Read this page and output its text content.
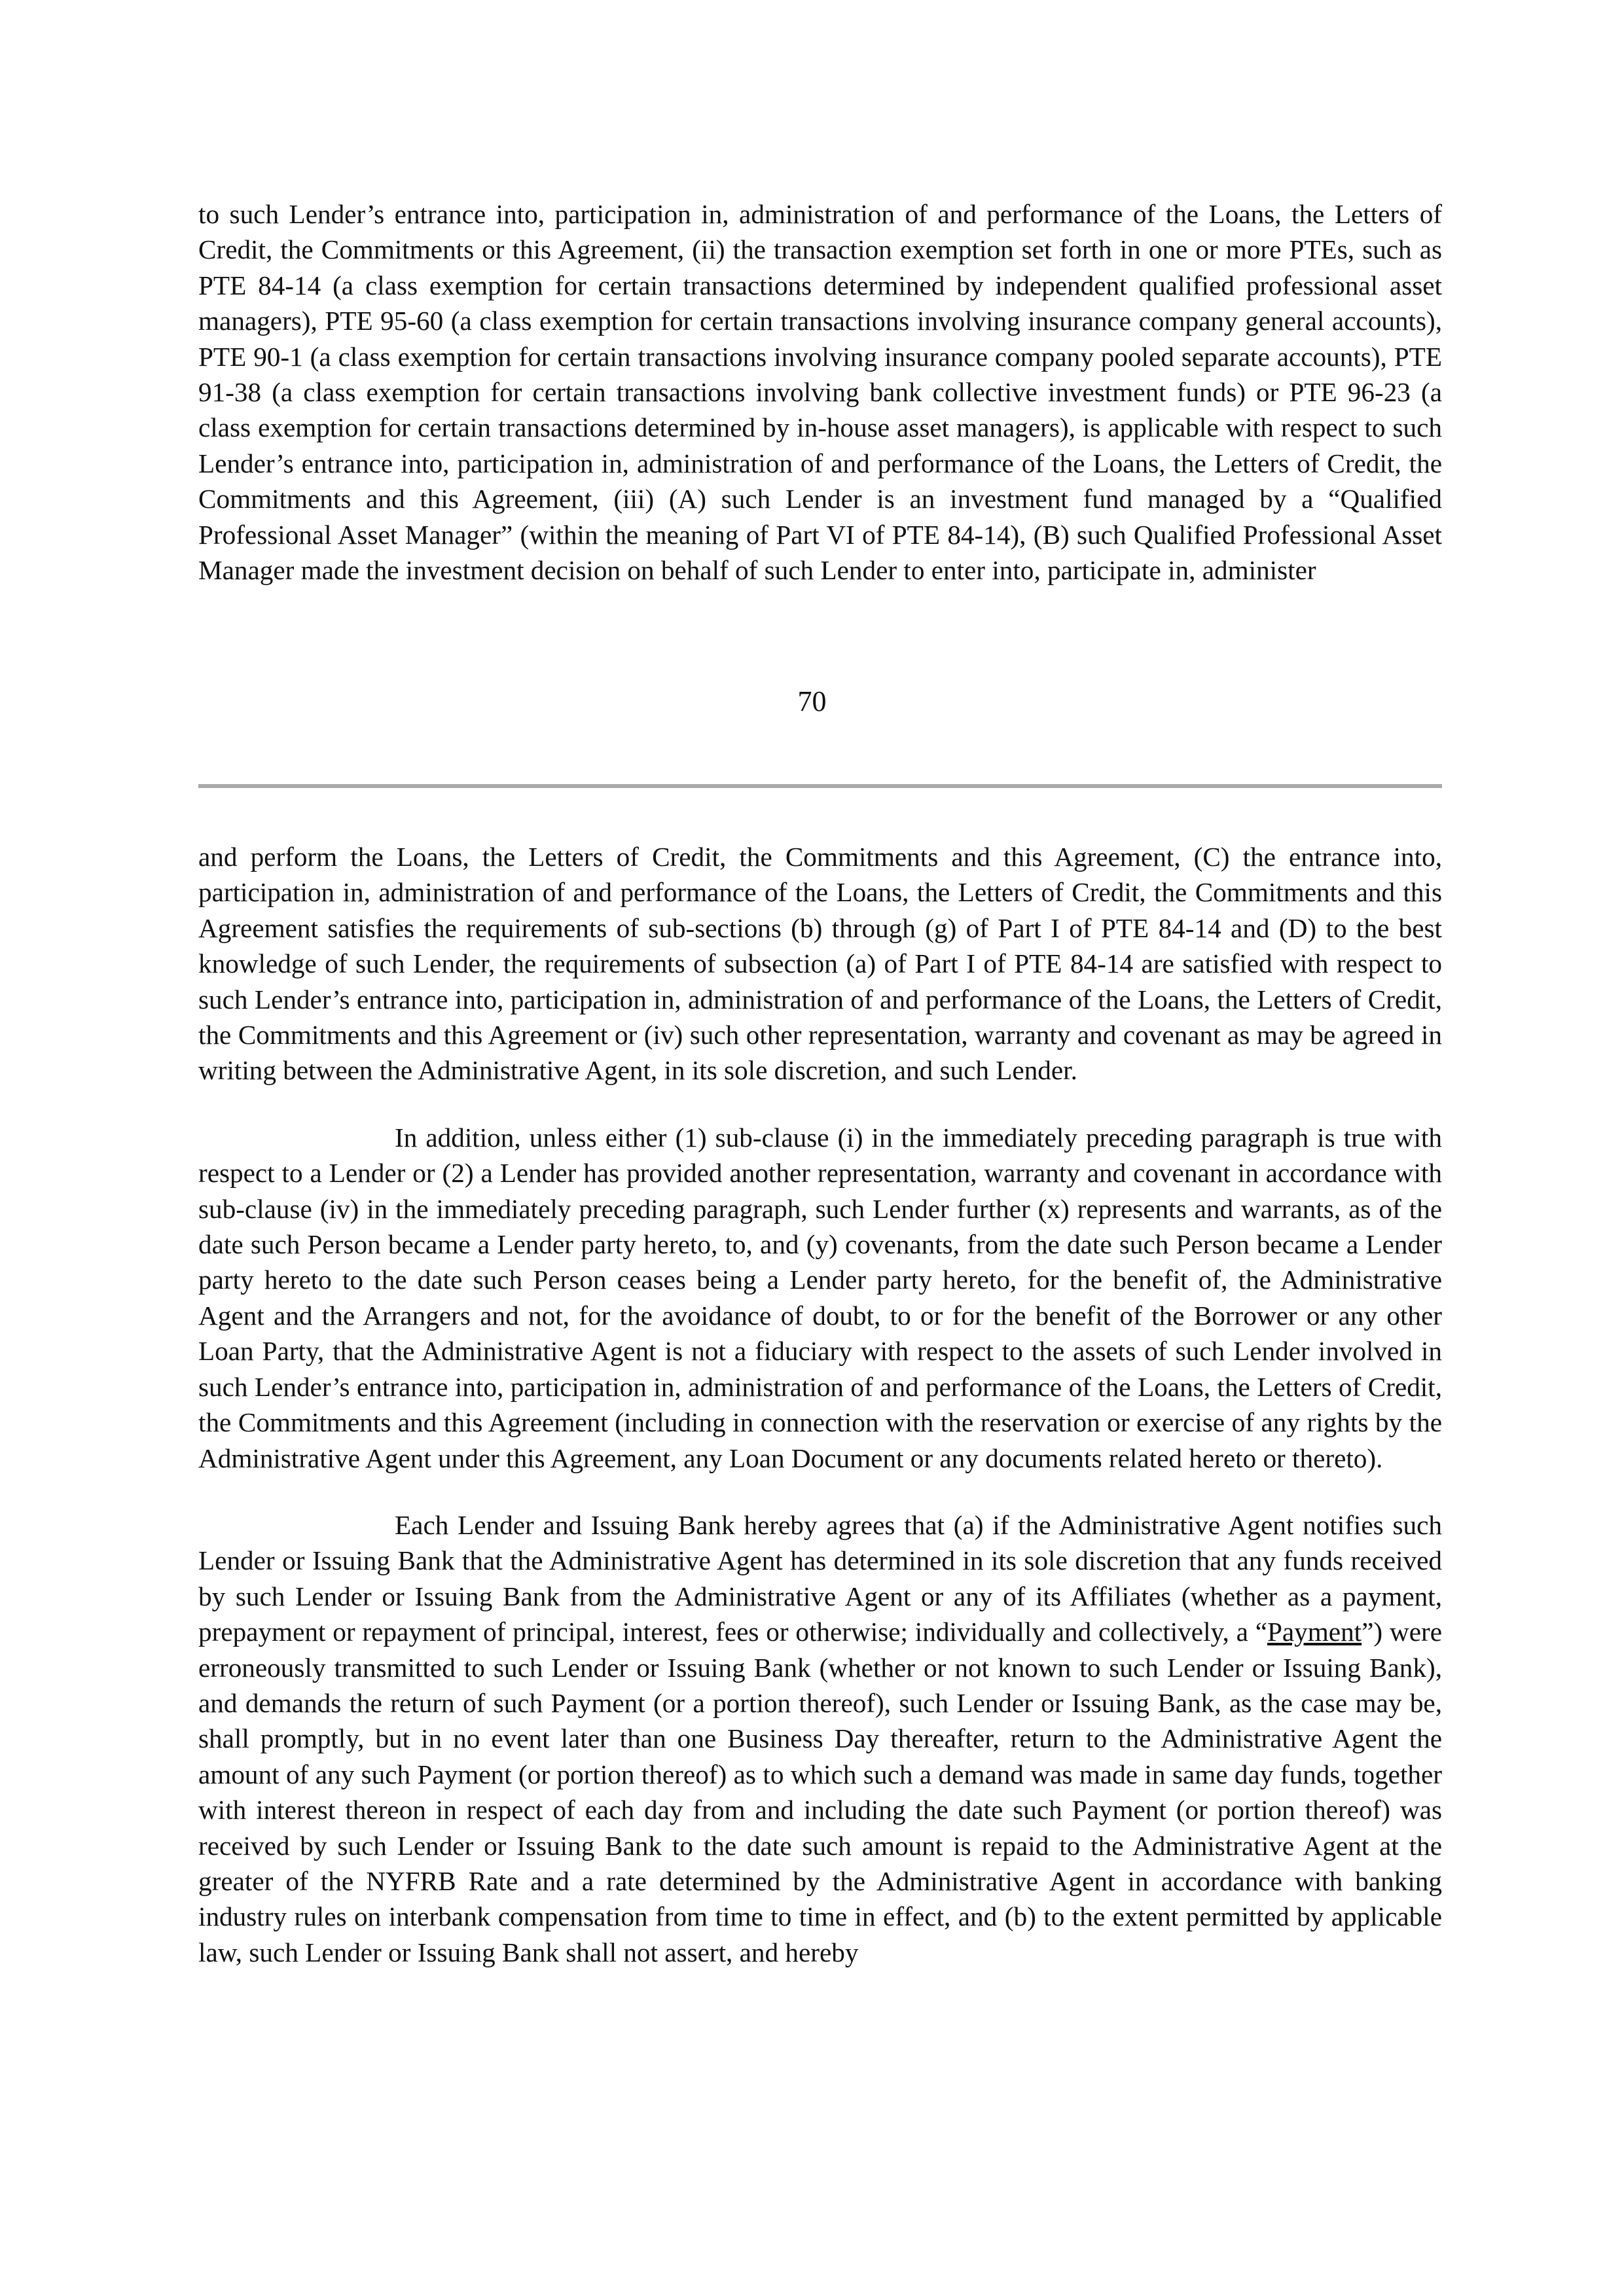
to such Lender’s entrance into, participation in, administration of and performance of the Loans, the Letters of Credit, the Commitments or this Agreement, (ii) the transaction exemption set forth in one or more PTEs, such as PTE 84-14 (a class exemption for certain transactions determined by independent qualified professional asset managers), PTE 95-60 (a class exemption for certain transactions involving insurance company general accounts), PTE 90-1 (a class exemption for certain transactions involving insurance company pooled separate accounts), PTE 91-38 (a class exemption for certain transactions involving bank collective investment funds) or PTE 96-23 (a class exemption for certain transactions determined by in-house asset managers), is applicable with respect to such Lender’s entrance into, participation in, administration of and performance of the Loans, the Letters of Credit, the Commitments and this Agreement, (iii) (A) such Lender is an investment fund managed by a “Qualified Professional Asset Manager” (within the meaning of Part VI of PTE 84-14), (B) such Qualified Professional Asset Manager made the investment decision on behalf of such Lender to enter into, participate in, administer

70

and perform the Loans, the Letters of Credit, the Commitments and this Agreement, (C) the entrance into, participation in, administration of and performance of the Loans, the Letters of Credit, the Commitments and this Agreement satisfies the requirements of sub-sections (b) through (g) of Part I of PTE 84-14 and (D) to the best knowledge of such Lender, the requirements of subsection (a) of Part I of PTE 84-14 are satisfied with respect to such Lender’s entrance into, participation in, administration of and performance of the Loans, the Letters of Credit, the Commitments and this Agreement or (iv) such other representation, warranty and covenant as may be agreed in writing between the Administrative Agent, in its sole discretion, and such Lender.

In addition, unless either (1) sub-clause (i) in the immediately preceding paragraph is true with respect to a Lender or (2) a Lender has provided another representation, warranty and covenant in accordance with sub-clause (iv) in the immediately preceding paragraph, such Lender further (x) represents and warrants, as of the date such Person became a Lender party hereto, to, and (y) covenants, from the date such Person became a Lender party hereto to the date such Person ceases being a Lender party hereto, for the benefit of, the Administrative Agent and the Arrangers and not, for the avoidance of doubt, to or for the benefit of the Borrower or any other Loan Party, that the Administrative Agent is not a fiduciary with respect to the assets of such Lender involved in such Lender’s entrance into, participation in, administration of and performance of the Loans, the Letters of Credit, the Commitments and this Agreement (including in connection with the reservation or exercise of any rights by the Administrative Agent under this Agreement, any Loan Document or any documents related hereto or thereto).

Each Lender and Issuing Bank hereby agrees that (a) if the Administrative Agent notifies such Lender or Issuing Bank that the Administrative Agent has determined in its sole discretion that any funds received by such Lender or Issuing Bank from the Administrative Agent or any of its Affiliates (whether as a payment, prepayment or repayment of principal, interest, fees or otherwise; individually and collectively, a “Payment”) were erroneously transmitted to such Lender or Issuing Bank (whether or not known to such Lender or Issuing Bank), and demands the return of such Payment (or a portion thereof), such Lender or Issuing Bank, as the case may be, shall promptly, but in no event later than one Business Day thereafter, return to the Administrative Agent the amount of any such Payment (or portion thereof) as to which such a demand was made in same day funds, together with interest thereon in respect of each day from and including the date such Payment (or portion thereof) was received by such Lender or Issuing Bank to the date such amount is repaid to the Administrative Agent at the greater of the NYFRB Rate and a rate determined by the Administrative Agent in accordance with banking industry rules on interbank compensation from time to time in effect, and (b) to the extent permitted by applicable law, such Lender or Issuing Bank shall not assert, and hereby
